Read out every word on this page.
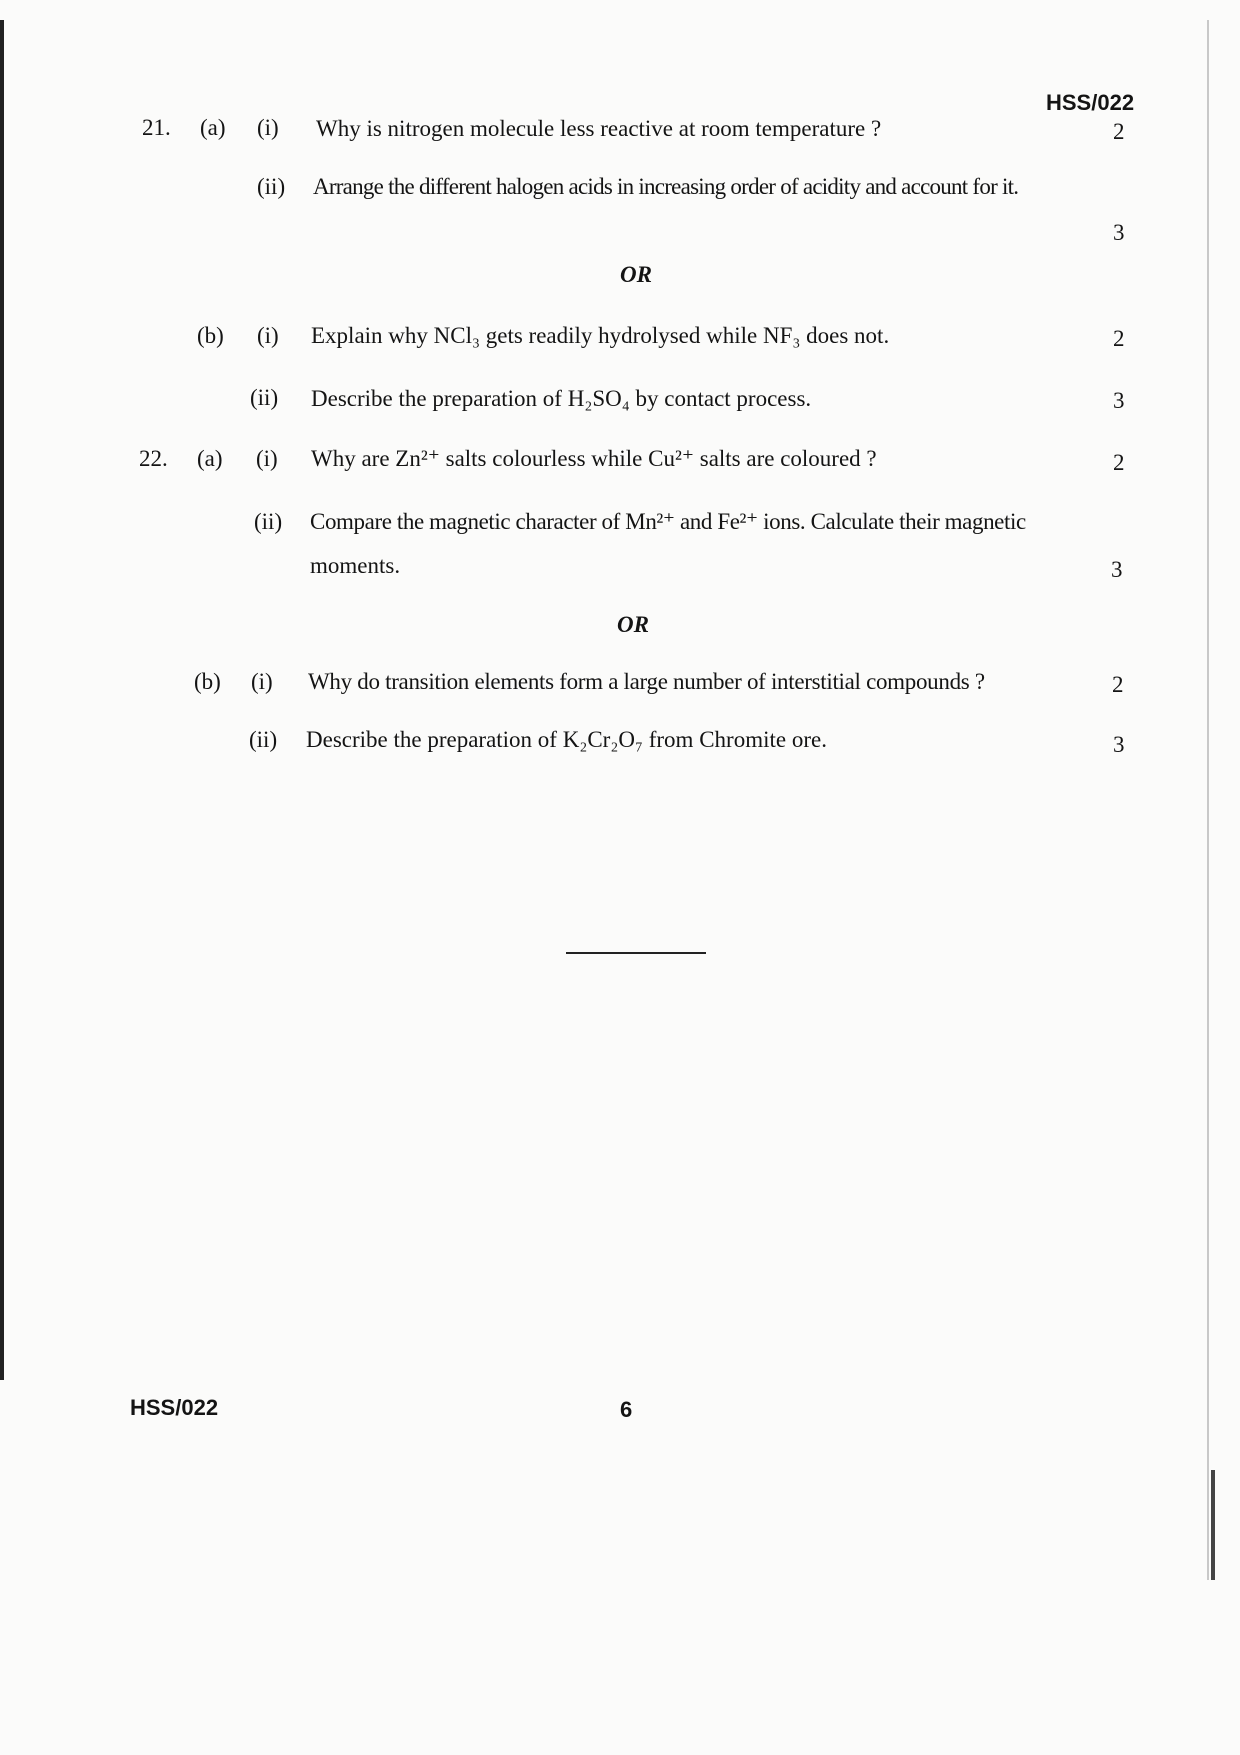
HSS/022
21. (a) (i) Why is nitrogen molecule less reactive at room temperature ?	2
(ii) Arrange the different halogen acids in increasing order of acidity and account for it.
3
OR
(b) (i) Explain why NCl₃ gets readily hydrolysed while NF₃ does not.	2
(ii) Describe the preparation of H₂SO₄ by contact process.	3
22. (a) (i) Why are Zn²⁺ salts colourless while Cu²⁺ salts are coloured ?	2
(ii) Compare the magnetic character of Mn²⁺ and Fe²⁺ ions. Calculate their magnetic
moments.	3
OR
(b) (i) Why do transition elements form a large number of interstitial compounds ?	2
(ii) Describe the preparation of K₂Cr₂O₇ from Chromite ore.	3
HSS/022	6
